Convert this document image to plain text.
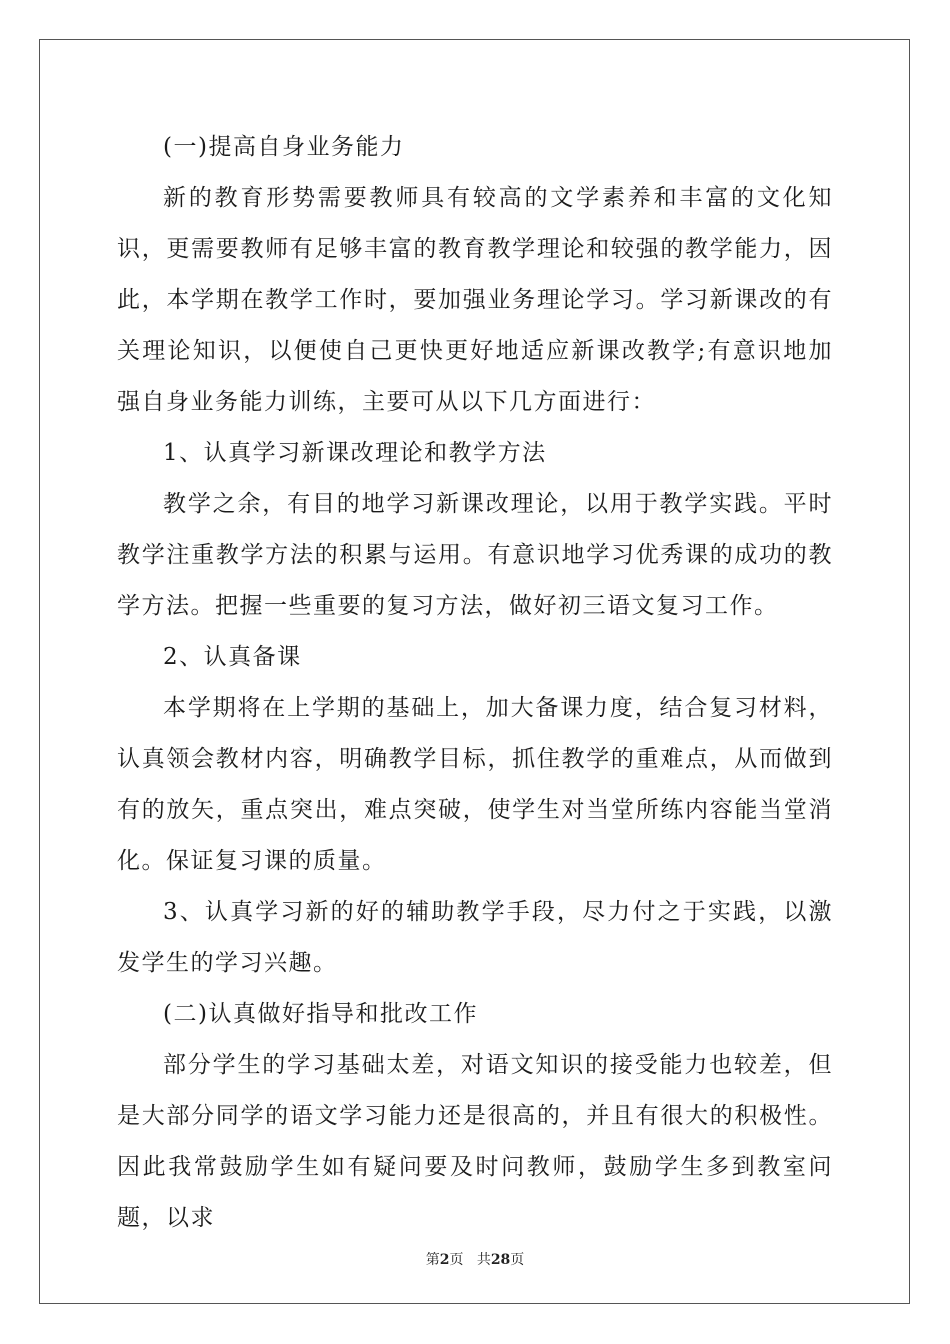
(一)提高自身业务能力

新的教育形势需要教师具有较高的文学素养和丰富的文化知识，更需要教师有足够丰富的教育教学理论和较强的教学能力，因此，本学期在教学工作时，要加强业务理论学习。学习新课改的有关理论知识，以便使自己更快更好地适应新课改教学;有意识地加强自身业务能力训练，主要可从以下几方面进行：

1、认真学习新课改理论和教学方法

教学之余，有目的地学习新课改理论，以用于教学实践。平时教学注重教学方法的积累与运用。有意识地学习优秀课的成功的教学方法。把握一些重要的复习方法，做好初三语文复习工作。

2、认真备课

本学期将在上学期的基础上，加大备课力度，结合复习材料，认真领会教材内容，明确教学目标，抓住教学的重难点，从而做到有的放矢，重点突出，难点突破，使学生对当堂所练内容能当堂消化。保证复习课的质量。

3、认真学习新的好的辅助教学手段，尽力付之于实践，以激发学生的学习兴趣。

(二)认真做好指导和批改工作

部分学生的学习基础太差，对语文知识的接受能力也较差，但是大部分同学的语文学习能力还是很高的，并且有很大的积极性。因此我常鼓励学生如有疑问要及时问教师，鼓励学生多到教室问题，以求

第2页 共28页
